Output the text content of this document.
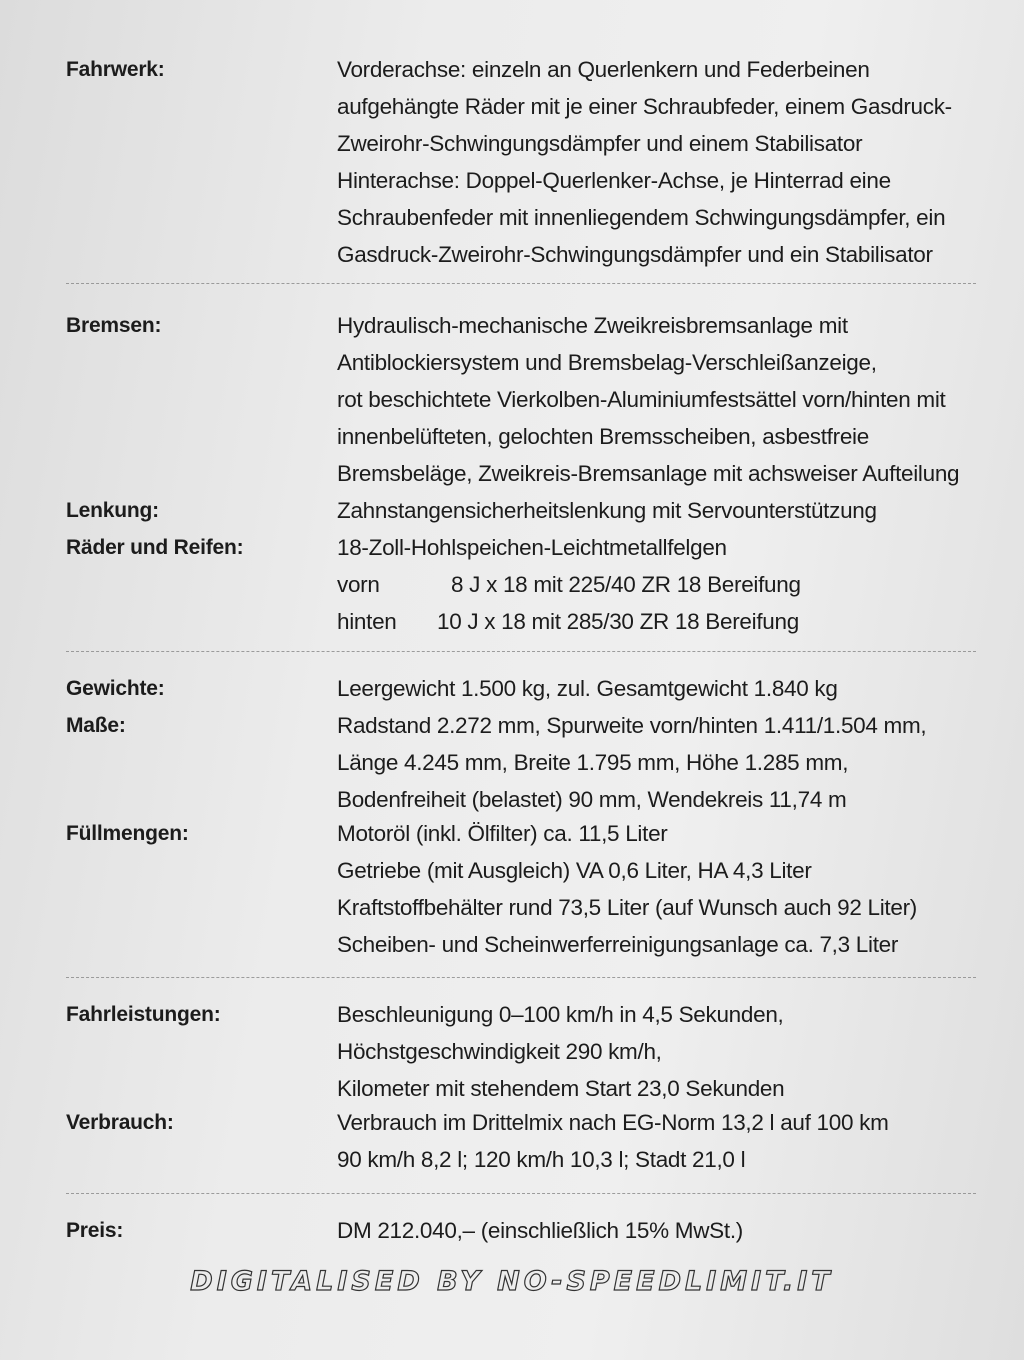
Fahrwerk:	Vorderachse: einzeln an Querlenkern und Federbeinen
aufgehängte Räder mit je einer Schraubfeder, einem Gasdruck-
Zweirohr-Schwingungsdämpfer und einem Stabilisator
Hinterachse: Doppel-Querlenker-Achse, je Hinterrad eine
Schraubenfeder mit innenliegendem Schwingungsdämpfer, ein
Gasdruck-Zweirohr-Schwingungsdämpfer und ein Stabilisator
Bremsen:	Hydraulisch-mechanische Zweikreisbremsanlage mit
Antiblockiersystem und Bremsbelag-Verschleißanzeige,
rot beschichtete Vierkolben-Aluminiumfestsättel vorn/hinten mit
innenbelüfteten, gelochten Bremsscheiben, asbestfreie
Bremsbeläge, Zweikreis-Bremsanlage mit achsweiser Aufteilung
Lenkung:	Zahnstangensicherheitslenkung mit Servounterstützung
Räder und Reifen:	18-Zoll-Hohlspeichen-Leichtmetallfelgen
vorn	8 J x 18 mit 225/40 ZR 18 Bereifung
hinten 10 J x 18 mit 285/30 ZR 18 Bereifung
Gewichte:	Leergewicht 1.500 kg, zul. Gesamtgewicht 1.840 kg
Maße:	Radstand 2.272 mm, Spurweite vorn/hinten 1.411/1.504 mm,
Länge 4.245 mm, Breite 1.795 mm, Höhe 1.285 mm,
Bodenfreiheit (belastet) 90 mm, Wendekreis 11,74 m
Füllmengen:	Motoröl (inkl. Ölfilter) ca. 11,5 Liter
Getriebe (mit Ausgleich) VA 0,6 Liter, HA 4,3 Liter
Kraftstoffbehälter rund 73,5 Liter (auf Wunsch auch 92 Liter)
Scheiben- und Scheinwerferreinigungsanlage ca. 7,3 Liter
Fahrleistungen:	Beschleunigung 0–100 km/h in 4,5 Sekunden,
Höchstgeschwindigkeit 290 km/h,
Kilometer mit stehendem Start 23,0 Sekunden
Verbrauch:	Verbrauch im Drittelmix nach EG-Norm 13,2 l auf 100 km
90 km/h 8,2 l; 120 km/h 10,3 l; Stadt 21,0 l
Preis:	DM 212.040,– (einschließlich 15% MwSt.)
DIGITALISED BY NO-SPEEDLIMIT.IT
